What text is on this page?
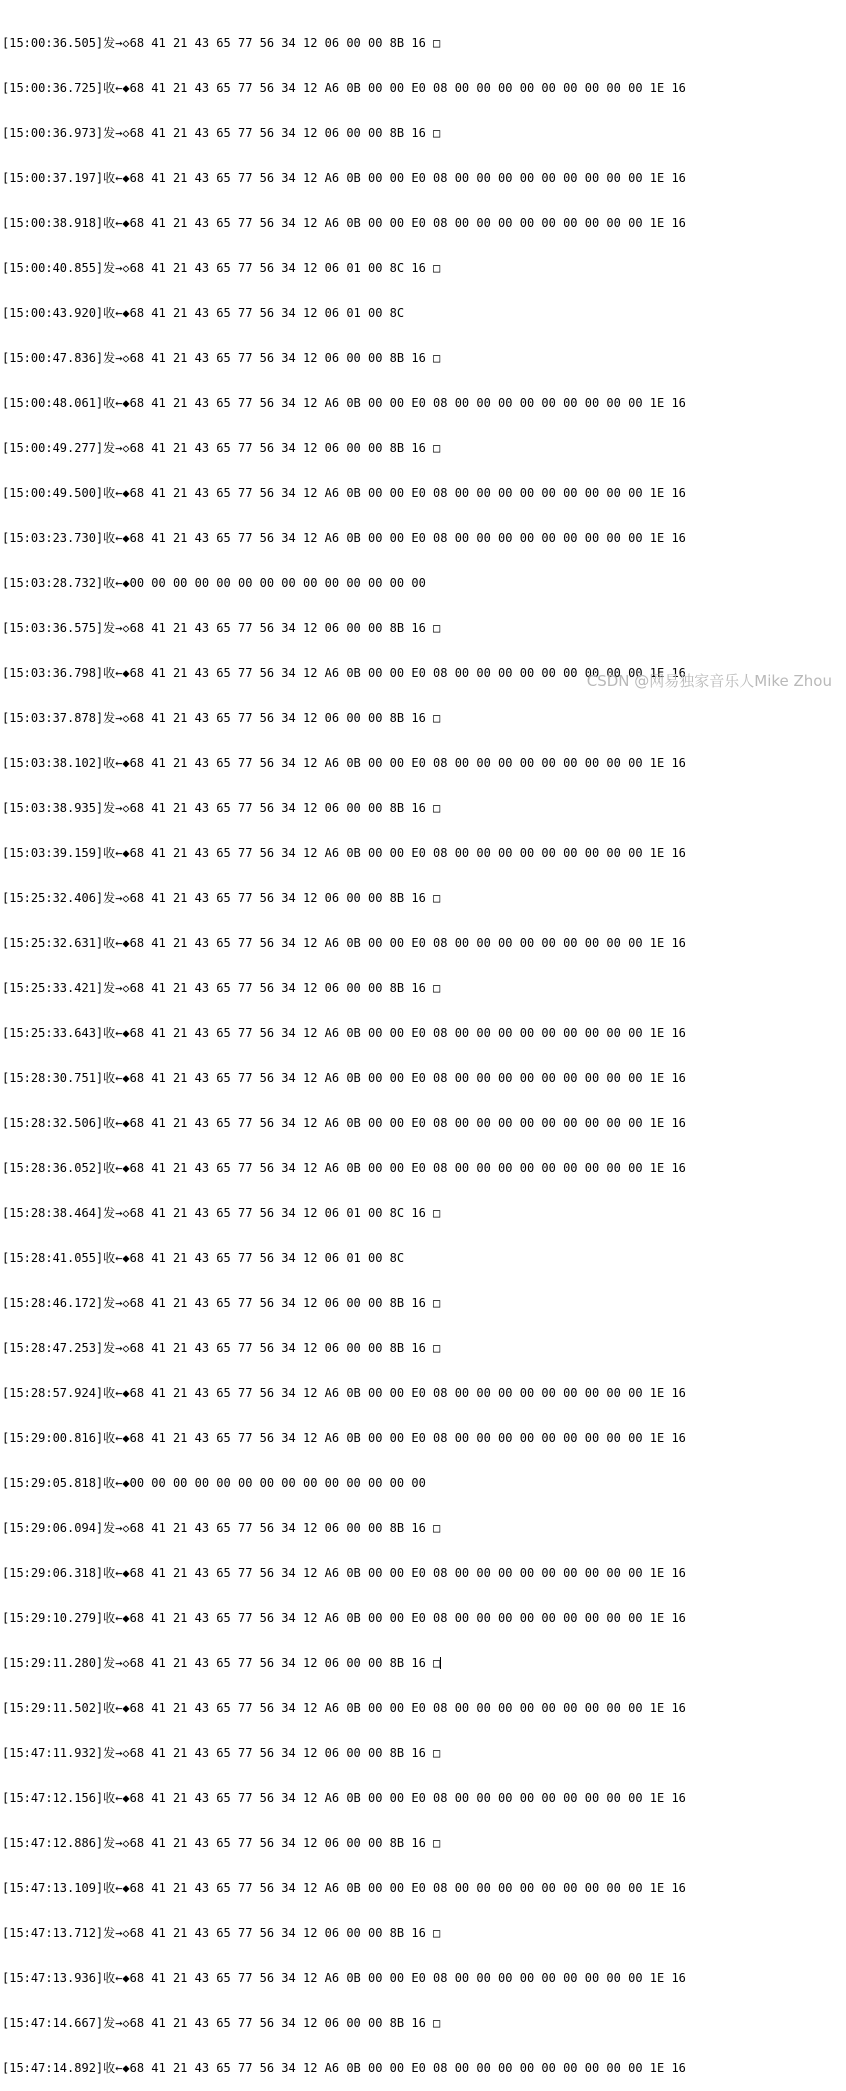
[15:00:36.505]发→◇68 41 21 43 65 77 56 34 12 06 00 00 8B 16 □

[15:00:36.725]收←◆68 41 21 43 65 77 56 34 12 A6 0B 00 00 E0 08 00 00 00 00 00 00 00 00 00 1E 16

[15:00:36.973]发→◇68 41 21 43 65 77 56 34 12 06 00 00 8B 16 □

[15:00:37.197]收←◆68 41 21 43 65 77 56 34 12 A6 0B 00 00 E0 08 00 00 00 00 00 00 00 00 00 1E 16

[15:00:38.918]收←◆68 41 21 43 65 77 56 34 12 A6 0B 00 00 E0 08 00 00 00 00 00 00 00 00 00 1E 16

[15:00:40.855]发→◇68 41 21 43 65 77 56 34 12 06 01 00 8C 16 □

[15:00:43.920]收←◆68 41 21 43 65 77 56 34 12 06 01 00 8C

[15:00:47.836]发→◇68 41 21 43 65 77 56 34 12 06 00 00 8B 16 □

[15:00:48.061]收←◆68 41 21 43 65 77 56 34 12 A6 0B 00 00 E0 08 00 00 00 00 00 00 00 00 00 1E 16

[15:00:49.277]发→◇68 41 21 43 65 77 56 34 12 06 00 00 8B 16 □

[15:00:49.500]收←◆68 41 21 43 65 77 56 34 12 A6 0B 00 00 E0 08 00 00 00 00 00 00 00 00 00 1E 16

[15:03:23.730]收←◆68 41 21 43 65 77 56 34 12 A6 0B 00 00 E0 08 00 00 00 00 00 00 00 00 00 1E 16

[15:03:28.732]收←◆00 00 00 00 00 00 00 00 00 00 00 00 00 00

[15:03:36.575]发→◇68 41 21 43 65 77 56 34 12 06 00 00 8B 16 □

[15:03:36.798]收←◆68 41 21 43 65 77 56 34 12 A6 0B 00 00 E0 08 00 00 00 00 00 00 00 00 00 1E 16

[15:03:37.878]发→◇68 41 21 43 65 77 56 34 12 06 00 00 8B 16 □

[15:03:38.102]收←◆68 41 21 43 65 77 56 34 12 A6 0B 00 00 E0 08 00 00 00 00 00 00 00 00 00 1E 16

[15:03:38.935]发→◇68 41 21 43 65 77 56 34 12 06 00 00 8B 16 □

[15:03:39.159]收←◆68 41 21 43 65 77 56 34 12 A6 0B 00 00 E0 08 00 00 00 00 00 00 00 00 00 1E 16

[15:25:32.406]发→◇68 41 21 43 65 77 56 34 12 06 00 00 8B 16 □

[15:25:32.631]收←◆68 41 21 43 65 77 56 34 12 A6 0B 00 00 E0 08 00 00 00 00 00 00 00 00 00 1E 16

[15:25:33.421]发→◇68 41 21 43 65 77 56 34 12 06 00 00 8B 16 □

[15:25:33.643]收←◆68 41 21 43 65 77 56 34 12 A6 0B 00 00 E0 08 00 00 00 00 00 00 00 00 00 1E 16

[15:28:30.751]收←◆68 41 21 43 65 77 56 34 12 A6 0B 00 00 E0 08 00 00 00 00 00 00 00 00 00 1E 16

[15:28:32.506]收←◆68 41 21 43 65 77 56 34 12 A6 0B 00 00 E0 08 00 00 00 00 00 00 00 00 00 1E 16

[15:28:36.052]收←◆68 41 21 43 65 77 56 34 12 A6 0B 00 00 E0 08 00 00 00 00 00 00 00 00 00 1E 16

[15:28:38.464]发→◇68 41 21 43 65 77 56 34 12 06 01 00 8C 16 □

[15:28:41.055]收←◆68 41 21 43 65 77 56 34 12 06 01 00 8C

[15:28:46.172]发→◇68 41 21 43 65 77 56 34 12 06 00 00 8B 16 □

[15:28:47.253]发→◇68 41 21 43 65 77 56 34 12 06 00 00 8B 16 □

[15:28:57.924]收←◆68 41 21 43 65 77 56 34 12 A6 0B 00 00 E0 08 00 00 00 00 00 00 00 00 00 1E 16

[15:29:00.816]收←◆68 41 21 43 65 77 56 34 12 A6 0B 00 00 E0 08 00 00 00 00 00 00 00 00 00 1E 16

[15:29:05.818]收←◆00 00 00 00 00 00 00 00 00 00 00 00 00 00

[15:29:06.094]发→◇68 41 21 43 65 77 56 34 12 06 00 00 8B 16 □

[15:29:06.318]收←◆68 41 21 43 65 77 56 34 12 A6 0B 00 00 E0 08 00 00 00 00 00 00 00 00 00 1E 16

[15:29:10.279]收←◆68 41 21 43 65 77 56 34 12 A6 0B 00 00 E0 08 00 00 00 00 00 00 00 00 00 1E 16

[15:29:11.280]发→◇68 41 21 43 65 77 56 34 12 06 00 00 8B 16 □

[15:29:11.502]收←◆68 41 21 43 65 77 56 34 12 A6 0B 00 00 E0 08 00 00 00 00 00 00 00 00 00 1E 16

[15:47:11.932]发→◇68 41 21 43 65 77 56 34 12 06 00 00 8B 16 □

[15:47:12.156]收←◆68 41 21 43 65 77 56 34 12 A6 0B 00 00 E0 08 00 00 00 00 00 00 00 00 00 1E 16

[15:47:12.886]发→◇68 41 21 43 65 77 56 34 12 06 00 00 8B 16 □

[15:47:13.109]收←◆68 41 21 43 65 77 56 34 12 A6 0B 00 00 E0 08 00 00 00 00 00 00 00 00 00 1E 16

[15:47:13.712]发→◇68 41 21 43 65 77 56 34 12 06 00 00 8B 16 □

[15:47:13.936]收←◆68 41 21 43 65 77 56 34 12 A6 0B 00 00 E0 08 00 00 00 00 00 00 00 00 00 1E 16

[15:47:14.667]发→◇68 41 21 43 65 77 56 34 12 06 00 00 8B 16 □

[15:47:14.892]收←◆68 41 21 43 65 77 56 34 12 A6 0B 00 00 E0 08 00 00 00 00 00 00 00 00 00 1E 16

CSDN @网易独家音乐人Mike Zhou
